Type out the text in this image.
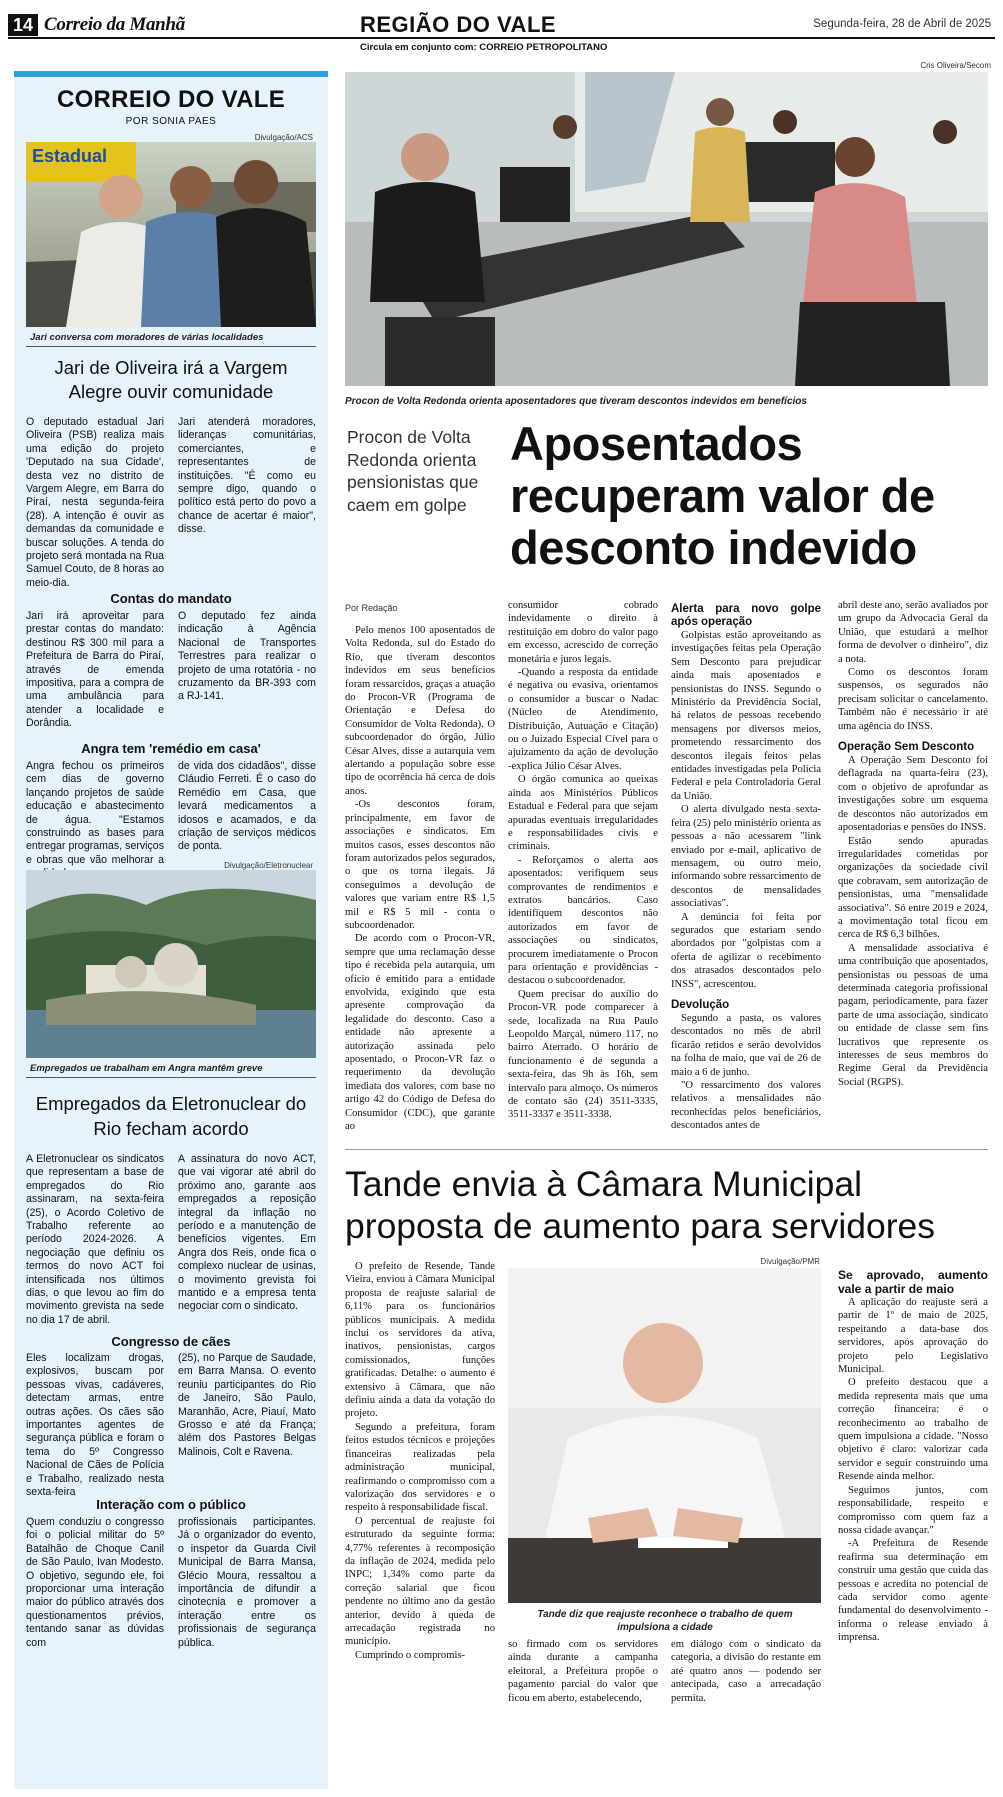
14 Correio da Manhã	REGIÃO DO VALE	Segunda-feira, 28 de Abril de 2025
Circula em conjunto com: CORREIO PETROPOLITANO
CORREIO DO VALE
POR SONIA PAES
Divulgação/ACS
Estadual
Jari conversa com moradores de várias localidades
Jari de Oliveira irá a Vargem Alegre ouvir comunidade

O deputado estadual Jari Oliveira (PSB) realiza mais uma edição do projeto 'Deputado na sua Cidade', desta vez no distrito de Vargem Alegre, em Barra do Piraí, nesta segunda-feira (28). A intenção é ouvir as demandas da comunidade e buscar soluções. A tenda do projeto será montada na Rua Samuel Couto, de 8 horas ao meio-dia.

Jari atenderá moradores, lideranças comunitárias, comerciantes, e representantes de instituições. "É como eu sempre digo, quando o político está perto do povo a chance de acertar é maior", disse.

Contas do mandato

Jari irá aproveitar para prestar contas do mandato: destinou R$ 300 mil para a Prefeitura de Barra do Piraí, através de emenda impositiva, para a compra de uma ambulância para atender a localidade e Dorândia.

O deputado fez ainda indicação à Agência Nacional de Transportes Terrestres para realizar o projeto de uma rotatória - no cruzamento da BR-393 com a RJ-141.

Angra tem 'remédio em casa'

Angra fechou os primeiros cem dias de governo lançando projetos de saúde educação e abastecimento de água. "Estamos construindo as bases para entregar programas, serviços e obras que vão melhorar a

de vida dos cidadãos", disse Cláudio Ferreti. É o caso do Remédio em Casa, que levará medicamentos a idosos e acamados, e da criação de serviços médicos de ponta.

Divulgação/Eletronuclear
Empregados ue trabalham em Angra mantêm greve
Empregados da Eletronuclear do Rio fecham acordo

A Eletronuclear os sindicatos que representam a base de empregados do Rio assinaram, na sexta-feira (25), o Acordo Coletivo de Trabalho referente ao período 2024-2026. A negociação que definiu os termos do novo ACT foi intensificada nos últimos dias, o que levou ao fim do movimento grevista na sede no dia 17 de abril.

A assinatura do novo ACT, que vai vigorar até abril do próximo ano, garante aos empregados a reposição integral da inflação no período e a manutenção de benefícios vigentes. Em Angra dos Reis, onde fica o complexo nuclear de usinas, o movimento grevista foi mantido e a empresa tenta negociar com o sindicato.

Congresso de cães

Eles localizam drogas, explosivos, buscam por pessoas vivas, cadáveres, detectam armas, entre outras ações. Os cães são importantes agentes de segurança pública e foram o tema do 5º Congresso Nacional de Cães de Polícia e Trabalho, realizado nesta sexta-feira

(25), no Parque de Saudade, em Barra Mansa. O evento reuniu participantes do Rio de Janeiro, São Paulo, Maranhão, Acre, Piauí, Mato Grosso e até da França; além dos Pastores Belgas Malinois, Colt e Ravena.

Interação com o público

Quem conduziu o congresso foi o policial militar do 5º Batalhão de Choque Canil de São Paulo, Ivan Modesto. O objetivo, segundo ele, foi proporcionar uma interação maior do público através dos questionamentos prévios, tentando sanar as dúvidas com

profissionais participantes. Já o organizador do evento, o inspetor da Guarda Civil Municipal de Barra Mansa, Glécio Moura, ressaltou a importância de difundir a cinotecnia e promover a interação entre os profissionais de segurança pública.

Cris Oliveira/Secom
Procon de Volta Redonda orienta aposentadores que tiveram descontos indevidos em benefícios
Procon de Volta Redonda orienta pensionistas que caem em golpe
Aposentados recuperam valor de desconto indevido
Por Redação

Pelo menos 100 aposentados de Volta Redonda, sul do Estado do Rio, que tiveram descontos indevidos em seus benefícios foram ressarcidos, graças a atuação do Procon-VR (Programa de Orientação e Defesa do Consumidor de Volta Redonda). O subcoordenador do órgão, Júlio César Alves, disse a autarquia vem alertando a população sobre esse tipo de ocorrência há cerca de dois anos.

-Os descontos foram, principalmente, em favor de associações e sindicatos. Em muitos casos, esses descontos não foram autorizados pelos segurados, o que os torna ilegais. Já conseguimos a devolução de valores que variam entre R$ 1,5 mil e R$ 5 mil - conta o subcoordenador.

De acordo com o Procon-VR, sempre que uma reclamação desse tipo é recebida pela autarquia, um ofício é emitido para a entidade envolvida, exigindo que esta apresente comprovação da legalidade do desconto. Caso a entidade não apresente a autorização assinada pelo aposentado, o Procon-VR faz o requerimento da devolução imediata dos valores, com base no artigo 42 do Código de Defesa do Consumidor (CDC), que garante ao

consumidor cobrado indevidamente o direito à restituição em dobro do valor pago em excesso, acrescido de correção monetária e juros legais.

-Quando a resposta da entidade é negativa ou evasiva, orientamos o consumidor a buscar o Nadac (Núcleo de Atendimento, Distribuição, Autuação e Citação) ou o Juizado Especial Cível para o ajuizamento da ação de devolução -explica Júlio César Alves.

O órgão comunica ao queixas ainda aos Ministérios Públicos Estadual e Federal para que sejam apuradas eventuais irregularidades e responsabilidades civis e criminais.

- Reforçamos o alerta aos aposentados: verifiquem seus comprovantes de rendimentos e extratos bancários. Caso identifiquem descontos não autorizados em favor de associações ou sindicatos, procurem imediatamente o Procon para orientação e providências - destacou o subcoordenador.

Quem precisar do auxílio do Procon-VR pode comparecer à sede, localizada na Rua Paulo Leopoldo Marçal, número 117, no bairro Aterrado. O horário de funcionamento é de segunda a sexta-feira, das 9h às 16h, sem intervalo para almoço. Os números de contato são (24) 3511-3335, 3511-3337 e 3511-3338.

Alerta para novo golpe após operação

Golpistas estão aproveitando as investigações feitas pela Operação Sem Desconto para prejudicar ainda mais aposentados e pensionistas do INSS. Segundo o Ministério da Previdência Social, há relatos de pessoas recebendo mensagens por diversos meios, prometendo ressarcimento dos descontos ilegais feitos pelas entidades investigadas pela Polícia Federal e pela Controladoria Geral da União.

O alerta divulgado nesta sexta-feira (25) pelo ministério orienta as pessoas a não acessarem "link enviado por e-mail, aplicativo de mensagem, ou outro meio, informando sobre ressarcimento de descontos de mensalidades associativas".

A denúncia foi feita por segurados que estariam sendo abordados por "golpistas com a oferta de agilizar o recebimento dos atrasados descontados pelo INSS", acrescentou.

Devolução

Segundo a pasta, os valores descontados no mês de abril ficarão retidos e serão devolvidos na folha de maio, que vai de 26 de maio a 6 de junho.

"O ressarcimento dos valores relativos a mensalidades não reconhecidas pelos beneficiários, descontados antes de

abril deste ano, serão avaliados por um grupo da Advocacia Geral da União, que estudará a melhor forma de devolver o dinheiro", diz a nota.

Como os descontos foram suspensos, os segurados não precisam solicitar o cancelamento. Também não é necessário ir até uma agência do INSS.

Operação Sem Desconto

A Operação Sem Desconto foi deflagrada na quarta-feira (23), com o objetivo de aprofundar as investigações sobre um esquema de descontos não autorizados em aposentadorias e pensões do INSS.

Estão sendo apuradas irregularidades cometidas por organizações da sociedade civil que cobravam, sem autorização de pensionistas, uma "mensalidade associativa". Só entre 2019 e 2024, a movimentação total ficou em cerca de R$ 6,3 bilhões.

A mensalidade associativa é uma contribuição que aposentados, pensionistas ou pessoas de uma determinada categoria profissional pagam, periodicamente, para fazer parte de uma associação, sindicato ou entidade de classe sem fins lucrativos que represente os interesses de seus membros do Regime Geral da Previdência Social (RGPS).

Tande envia à Câmara Municipal proposta de aumento para servidores

O prefeito de Resende, Tande Vieira, enviou à Câmara Municipal proposta de reajuste salarial de 6,11% para os funcionários públicos municipais. A medida inclui os servidores da ativa, inativos, pensionistas, cargos comissionados, funções gratificadas. Detalhe: o aumento é extensivo à Câmara, que não definiu ainda a data da votação do projeto.

Segundo a prefeitura, foram feitos estudos técnicos e projeções financeiras realizadas pela administração municipal, reafirmando o compromisso com a valorização dos servidores e o respeito à responsabilidade fiscal.

O percentual de reajuste foi estruturado da seguinte forma: 4,77% referentes à recomposição da inflação de 2024, medida pelo INPC; 1,34% como parte da correção salarial que ficou pendente no último ano da gestão anterior, devido à queda de arrecadação registrada no município.

Cumprindo o compromis-

Divulgação/PMR
Tande diz que reajuste reconhece o trabalho de quem impulsiona a cidade

so firmado com os servidores ainda durante a campanha eleitoral, a Prefeitura propõe o pagamento parcial do valor que ficou em aberto, estabelecendo,

em diálogo com o sindicato da categoria, a divisão do restante em até quatro anos — podendo ser antecipada, caso a arrecadação permita.

Se aprovado, aumento vale a partir de maio

A aplicação do reajuste será a partir de 1º de maio de 2025, respeitando a data-base dos servidores, após aprovação do projeto pelo Legislativo Municipal.

O prefeito destacou que a medida representa mais que uma correção financeira: é o reconhecimento ao trabalho de quem impulsiona a cidade. "Nosso objetivo é claro: valorizar cada servidor e seguir construindo uma Resende ainda melhor.

Seguimos juntos, com responsabilidade, respeito e compromisso com quem faz a nossa cidade avançar."

-A Prefeitura de Resende reafirma sua determinação em construir uma gestão que cuida das pessoas e acredita no potencial de cada servidor como agente fundamental do desenvolvimento - informa o release enviado à imprensa.
